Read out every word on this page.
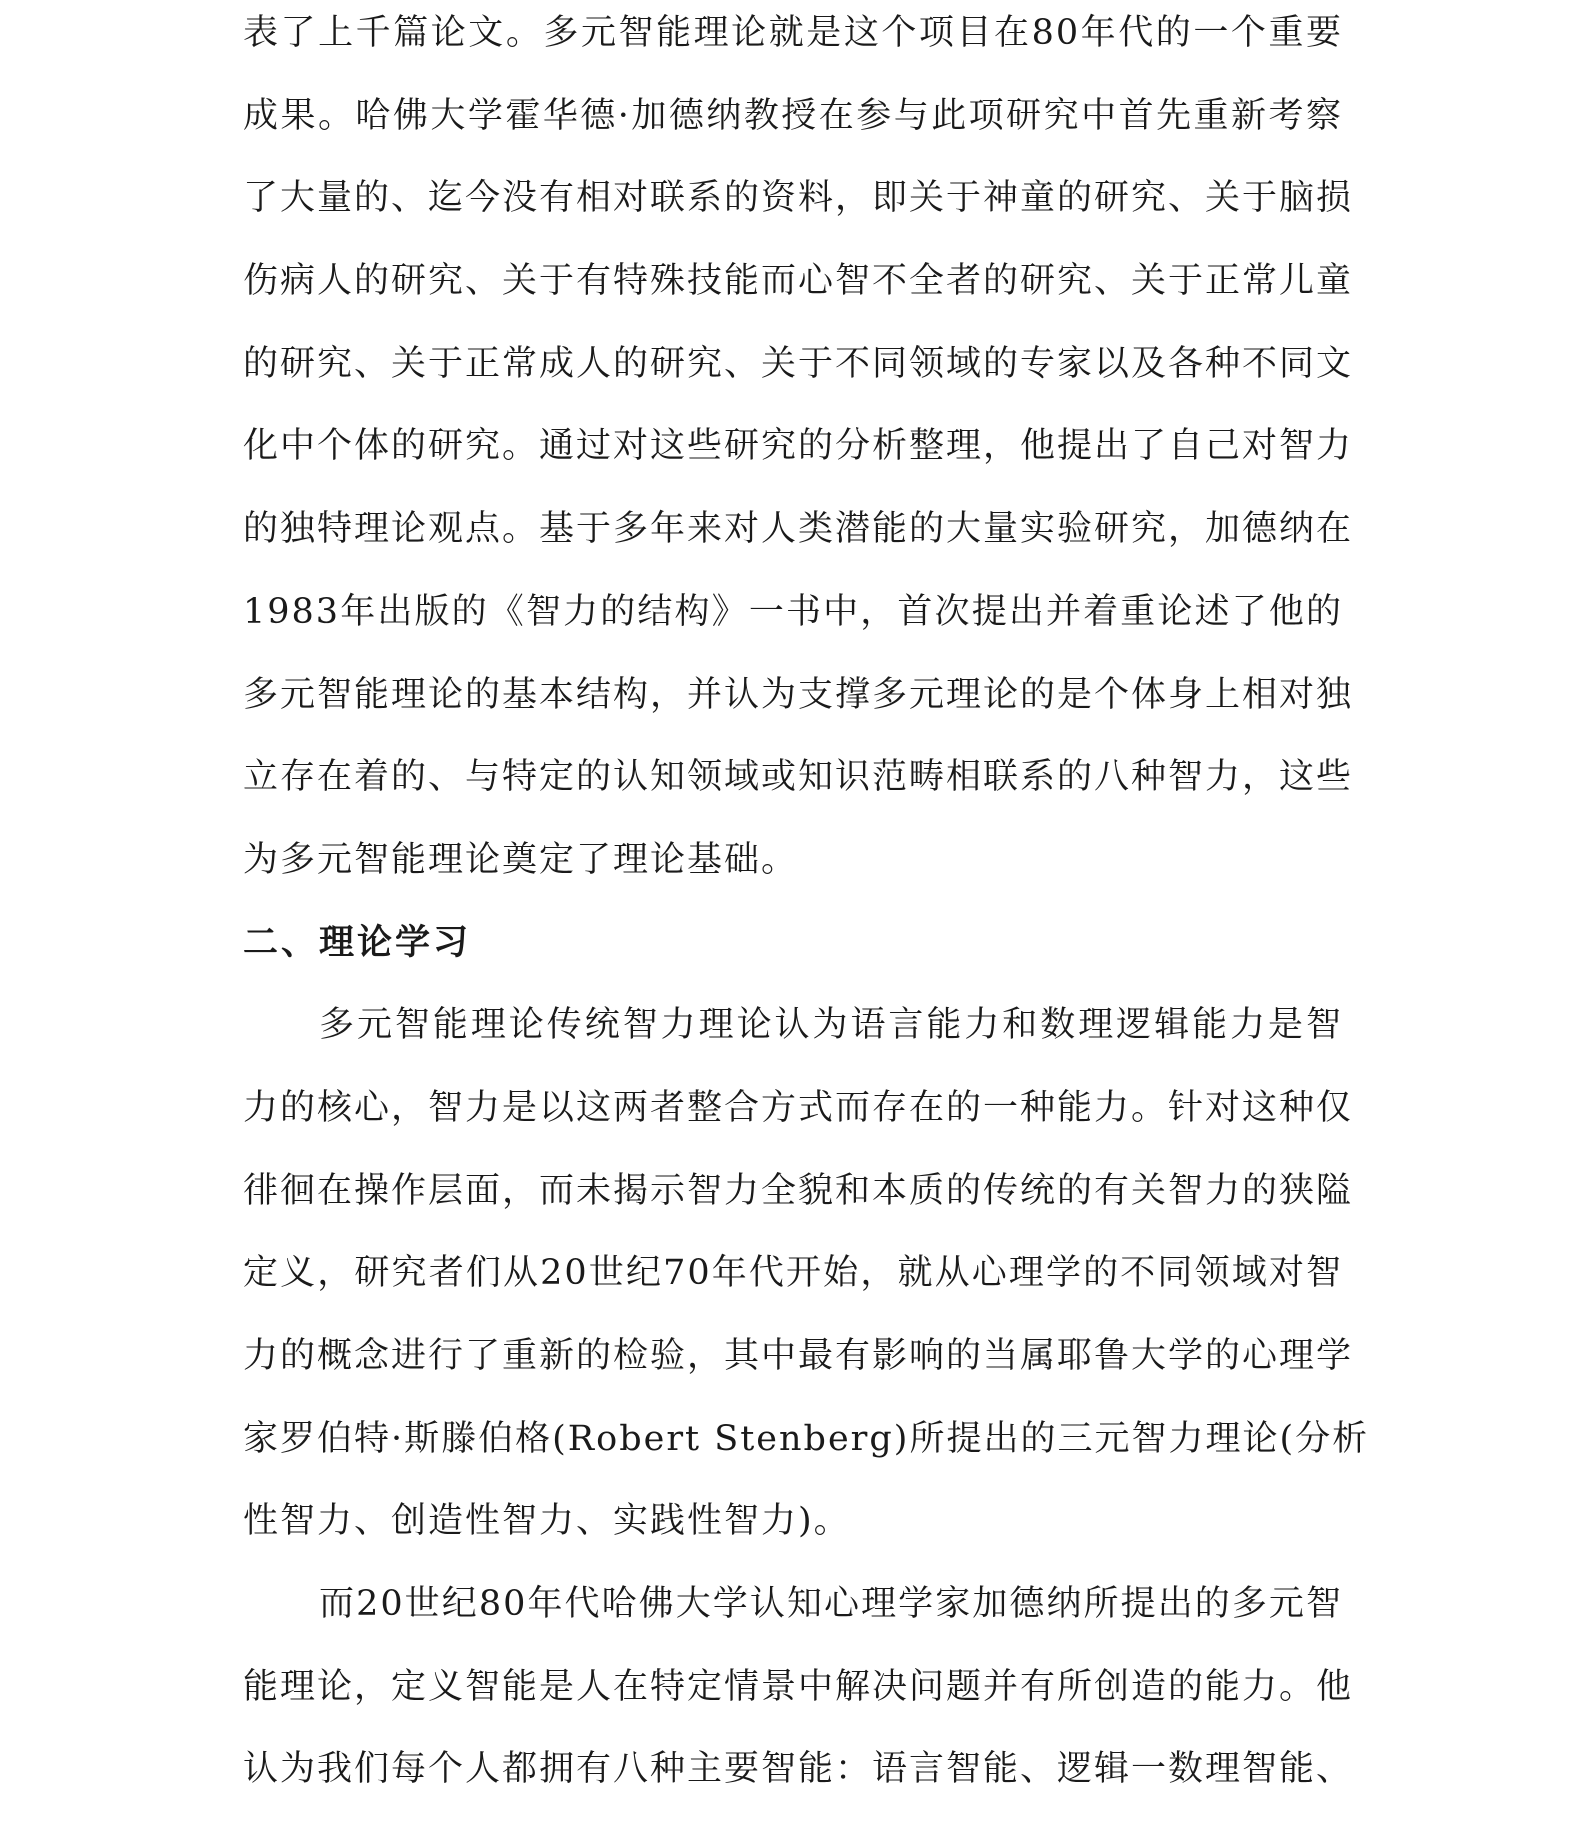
表了上千篇论文。多元智能理论就是这个项目在80年代的一个重要
成果。哈佛大学霍华德·加德纳教授在参与此项研究中首先重新考察
了大量的、迄今没有相对联系的资料，即关于神童的研究、关于脑损
伤病人的研究、关于有特殊技能而心智不全者的研究、关于正常儿童
的研究、关于正常成人的研究、关于不同领域的专家以及各种不同文
化中个体的研究。通过对这些研究的分析整理，他提出了自己对智力
的独特理论观点。基于多年来对人类潜能的大量实验研究，加德纳在
1983年出版的《智力的结构》一书中，首次提出并着重论述了他的
多元智能理论的基本结构，并认为支撑多元理论的是个体身上相对独
立存在着的、与特定的认知领域或知识范畴相联系的八种智力，这些
为多元智能理论奠定了理论基础。
二、理论学习
多元智能理论传统智力理论认为语言能力和数理逻辑能力是智
力的核心，智力是以这两者整合方式而存在的一种能力。针对这种仅
徘徊在操作层面，而未揭示智力全貌和本质的传统的有关智力的狭隘
定义，研究者们从20世纪70年代开始，就从心理学的不同领域对智
力的概念进行了重新的检验，其中最有影响的当属耶鲁大学的心理学
家罗伯特·斯滕伯格(Robert Stenberg)所提出的三元智力理论(分析
性智力、创造性智力、实践性智力)。
而20世纪80年代哈佛大学认知心理学家加德纳所提出的多元智
能理论，定义智能是人在特定情景中解决问题并有所创造的能力。他
认为我们每个人都拥有八种主要智能：语言智能、逻辑一数理智能、
